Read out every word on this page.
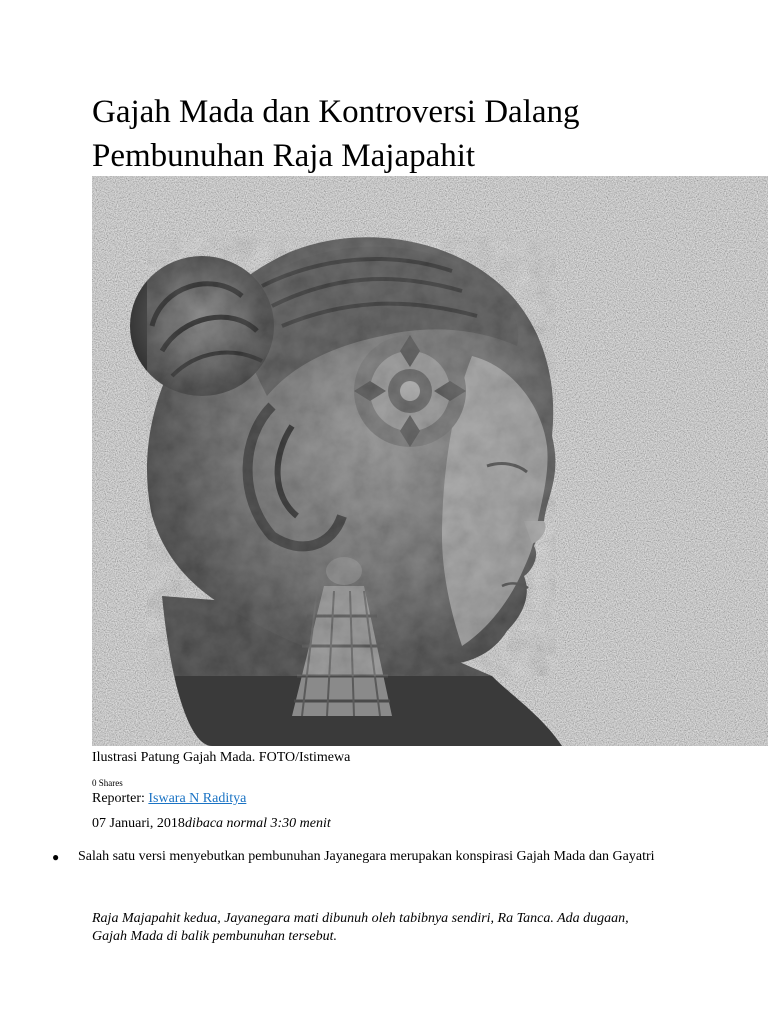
Gajah Mada dan Kontroversi Dalang Pembunuhan Raja Majapahit
Ilustrasi Patung Gajah Mada. FOTO/Istimewa
0 Shares
Reporter: Iswara N Raditya
07 Januari, 2018dibaca normal 3:30 menit
● Salah satu versi menyebutkan pembunuhan Jayanegara merupakan konspirasi Gajah Mada dan Gayatri

Raja Majapahit kedua, Jayanegara mati dibunuh oleh tabibnya sendiri, Ra Tanca. Ada dugaan, Gajah Mada di balik pembunuhan tersebut.
